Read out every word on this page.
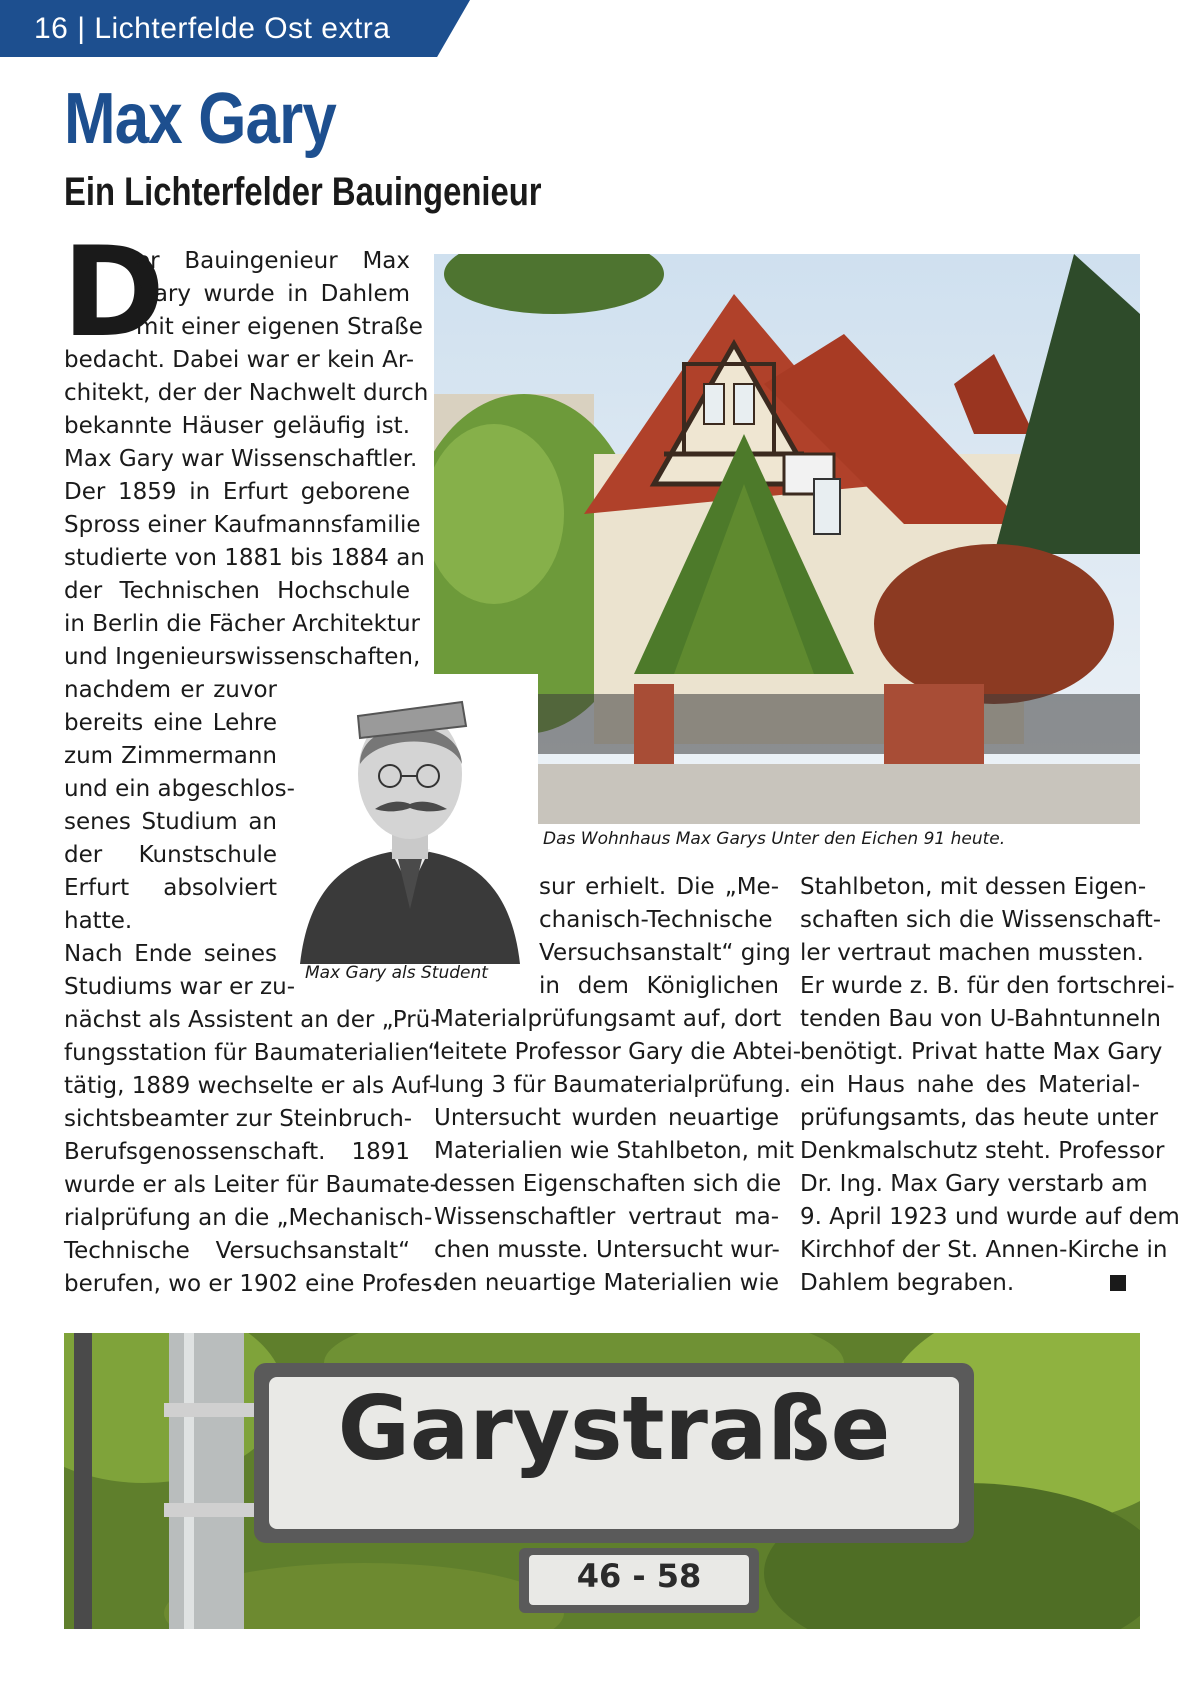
16 | Lichterfelde Ost extra
Max Gary
Ein Lichterfelder Bauingenieur
Das Wohnhaus Max Garys Unter den Eichen 91 heute.
Max Gary als Student
D
er Bauingenieur Max
Gary wurde in Dahlem
mit einer eigenen Straße
bedacht. Dabei war er kein Ar-
chitekt, der der Nachwelt durch
bekannte Häuser geläufig ist.
Max Gary war Wissenschaftler.
Der 1859 in Erfurt geborene
Spross einer Kaufmannsfamilie
studierte von 1881 bis 1884 an
der Technischen Hochschule
in Berlin die Fächer Architektur
und Ingenieurswissenschaften,
nachdem er zuvor
bereits eine Lehre
zum Zimmermann
und ein abgeschlos-
senes Studium an
der Kunstschule
Erfurt absolviert
hatte.
Nach Ende seines
Studiums war er zu-
nächst als Assistent an der „Prü-
fungsstation für Baumaterialien“
tätig, 1889 wechselte er als Auf-
sichtsbeamter zur Steinbruch-
Berufsgenossenschaft. 1891
wurde er als Leiter für Baumate-
rialprüfung an die „Mechanisch-
Technische Versuchsanstalt“
berufen, wo er 1902 eine Profes-
sur erhielt. Die „Me-
chanisch-Technische
Versuchsanstalt“ ging
in dem Königlichen
Materialprüfungsamt auf, dort
leitete Professor Gary die Abtei-
lung 3 für Baumaterialprüfung.
Untersucht wurden neuartige
Materialien wie Stahlbeton, mit
dessen Eigenschaften sich die
Wissenschaftler vertraut ma-
chen musste. Untersucht wur-
den neuartige Materialien wie
Stahlbeton, mit dessen Eigen-
schaften sich die Wissenschaft-
ler vertraut machen mussten.
Er wurde z. B. für den fortschrei-
tenden Bau von U-Bahntunneln
benötigt. Privat hatte Max Gary
ein Haus nahe des Material-
prüfungsamts, das heute unter
Denkmalschutz steht. Professor
Dr. Ing. Max Gary verstarb am
9. April 1923 und wurde auf dem
Kirchhof der St. Annen-Kirche in
Dahlem begraben.
Garystraße
46 - 58
